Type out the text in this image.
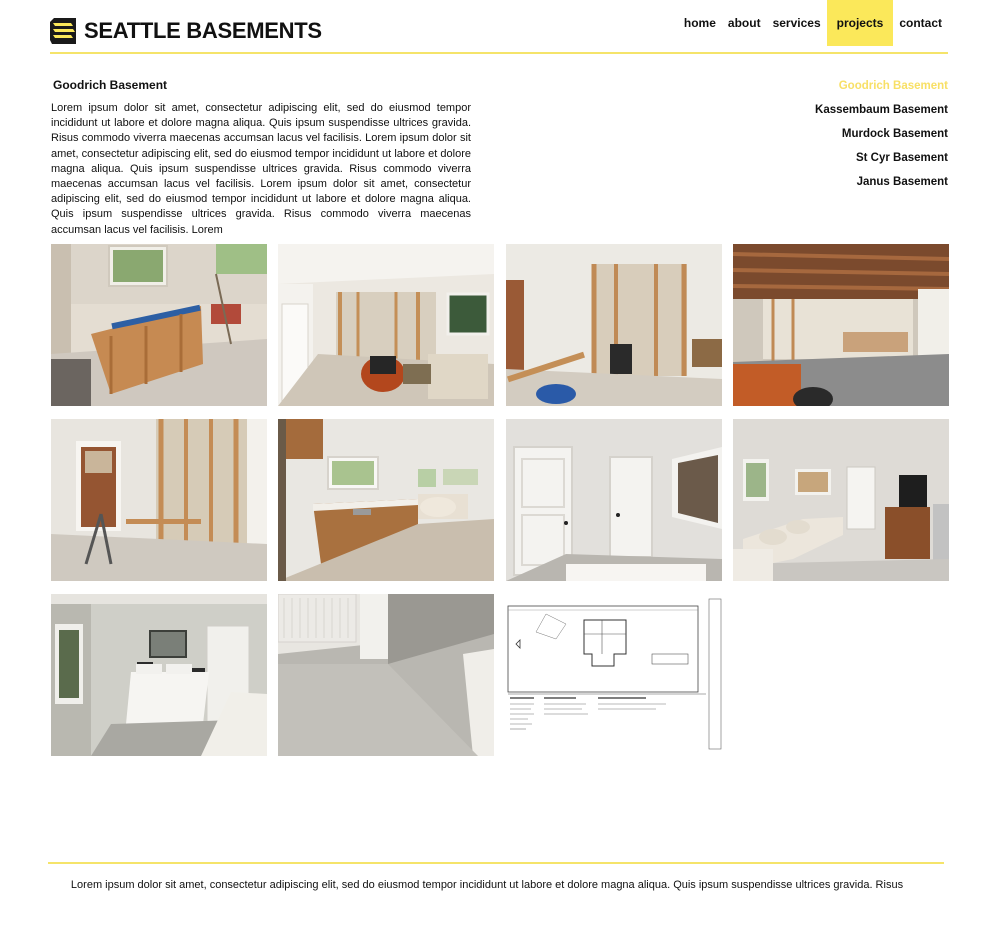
SEATTLE BASEMENTS	home	about	services	projects	contact
Goodrich Basement

Lorem ipsum dolor sit amet, consectetur adipiscing elit, sed do eiusmod tempor incididunt ut labore et dolore magna aliqua. Quis ipsum suspendisse ultrices gravida. Risus commodo viverra maecenas accumsan lacus vel facilisis. Lorem ipsum dolor sit amet, consectetur adipiscing elit, sed do eiusmod tempor incididunt ut labore et dolore magna aliqua. Quis ipsum suspendisse ultrices gravida. Risus commodo viverra maecenas accumsan lacus vel facilisis. Lorem ipsum dolor sit amet, consectetur adipiscing elit, sed do eiusmod tempor incididunt ut labore et dolore magna aliqua. Quis ipsum suspendisse ultrices gravida. Risus commodo viverra maecenas accumsan lacus vel facilisis. Lorem

Goodrich Basement
Kassembaum Basement
Murdock Basement
St Cyr Basement
Janus Basement
Lorem ipsum dolor sit amet, consectetur adipiscing elit, sed do eiusmod tempor incididunt ut labore et dolore magna aliqua. Quis ipsum suspendisse ultrices gravida. Risus
